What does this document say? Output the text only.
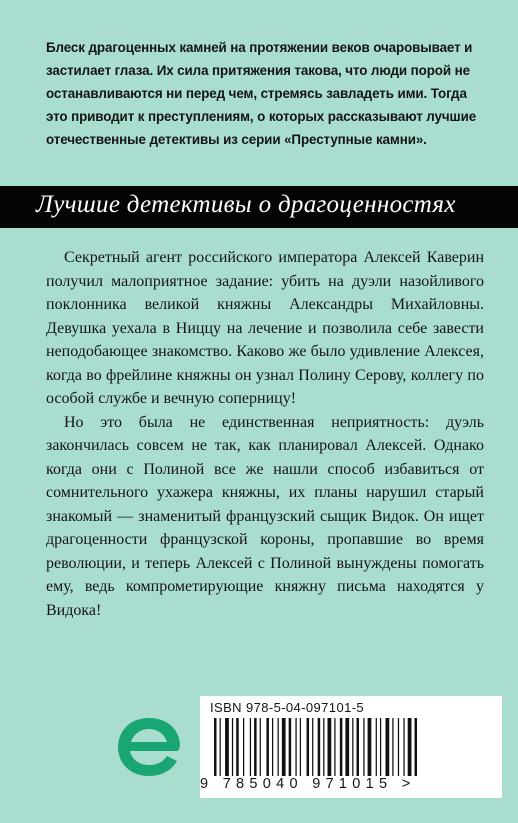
Блеск драгоценных камней на протяжении веков очаровывает и застилает глаза. Их сила притяжения такова, что люди порой не останавливаются ни перед чем, стремясь завладеть ими. Тогда это приводит к преступлениям, о которых рассказывают лучшие отечественные детективы из серии «Преступные камни».
Лучшие детективы о драгоценностях

Секретный агент российского императора Алексей Каверин получил малоприятное задание: убить на дуэли назойливого поклонника великой княжны Александры Михайловны. Девушка уехала в Ниццу на лечение и позволила себе завести неподобающее знакомство. Каково же было удивление Алексея, когда во фрейлине княжны он узнал Полину Серову, коллегу по особой службе и вечную соперницу!

Но это была не единственная неприятность: дуэль закончилась совсем не так, как планировал Алексей. Однако когда они с Полиной все же нашли способ избавиться от сомнительного ухажера княжны, их планы нарушил старый знакомый — знаменитый французский сыщик Видок. Он ищет драгоценности французской короны, пропавшие во время революции, и теперь Алексей с Полиной вынуждены помогать ему, ведь компрометирующие княжну письма находятся у Видока!

ISBN 978-5-04-097101-5
9 785040 971015 >
